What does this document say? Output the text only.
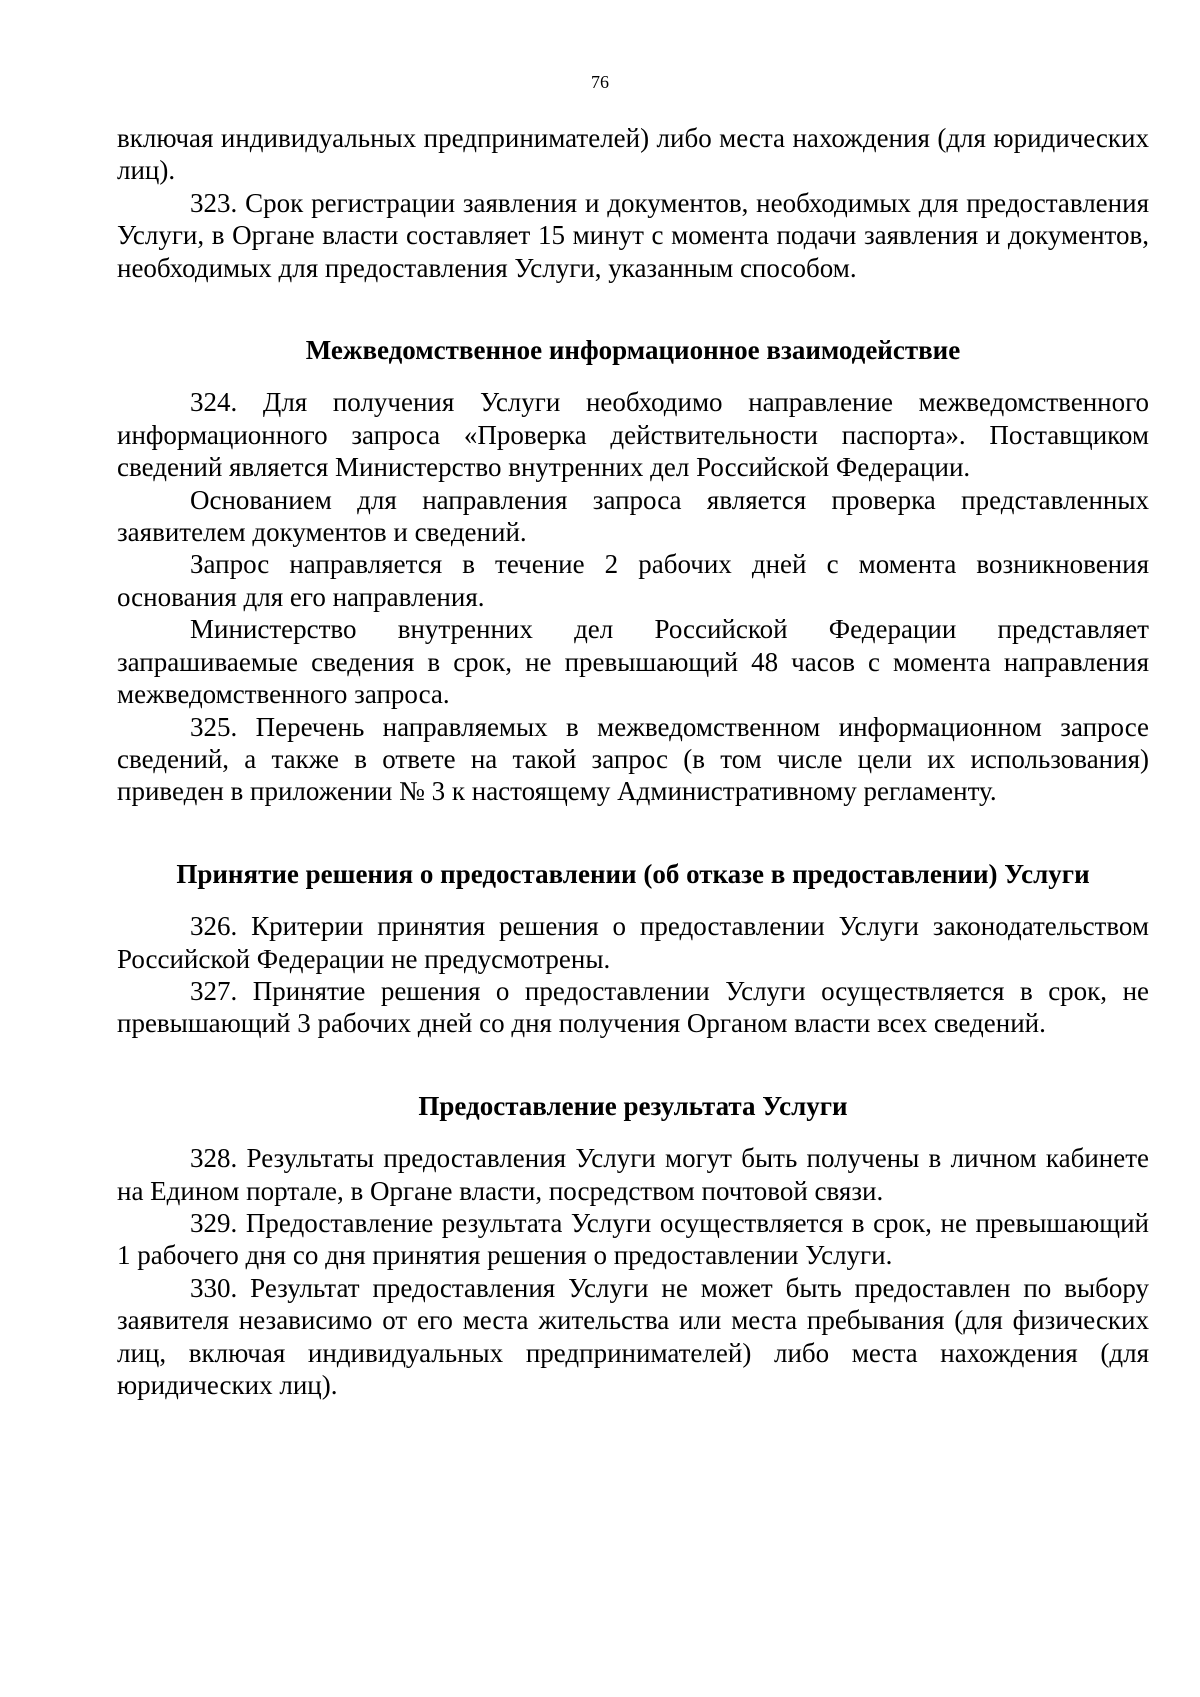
76

включая индивидуальных предпринимателей) либо места нахождения (для юридических лиц).

323. Срок регистрации заявления и документов, необходимых для предоставления Услуги, в Органе власти составляет 15 минут с момента подачи заявления и документов, необходимых для предоставления Услуги, указанным способом.

Межведомственное информационное взаимодействие

324. Для получения Услуги необходимо направление межведомственного информационного запроса «Проверка действительности паспорта». Поставщиком сведений является Министерство внутренних дел Российской Федерации.

Основанием для направления запроса является проверка представленных заявителем документов и сведений.

Запрос направляется в течение 2 рабочих дней с момента возникновения основания для его направления.

Министерство внутренних дел Российской Федерации представляет запрашиваемые сведения в срок, не превышающий 48 часов с момента направления межведомственного запроса.

325. Перечень направляемых в межведомственном информационном запросе сведений, а также в ответе на такой запрос (в том числе цели их использования) приведен в приложении № 3 к настоящему Административному регламенту.

Принятие решения о предоставлении (об отказе в предоставлении) Услуги

326. Критерии принятия решения о предоставлении Услуги законодательством Российской Федерации не предусмотрены.

327. Принятие решения о предоставлении Услуги осуществляется в срок, не превышающий 3 рабочих дней со дня получения Органом власти всех сведений.

Предоставление результата Услуги

328. Результаты предоставления Услуги могут быть получены в личном кабинете на Едином портале, в Органе власти, посредством почтовой связи.

329. Предоставление результата Услуги осуществляется в срок, не превышающий 1 рабочего дня со дня принятия решения о предоставлении Услуги.

330. Результат предоставления Услуги не может быть предоставлен по выбору заявителя независимо от его места жительства или места пребывания (для физических лиц, включая индивидуальных предпринимателей) либо места нахождения (для юридических лиц).
